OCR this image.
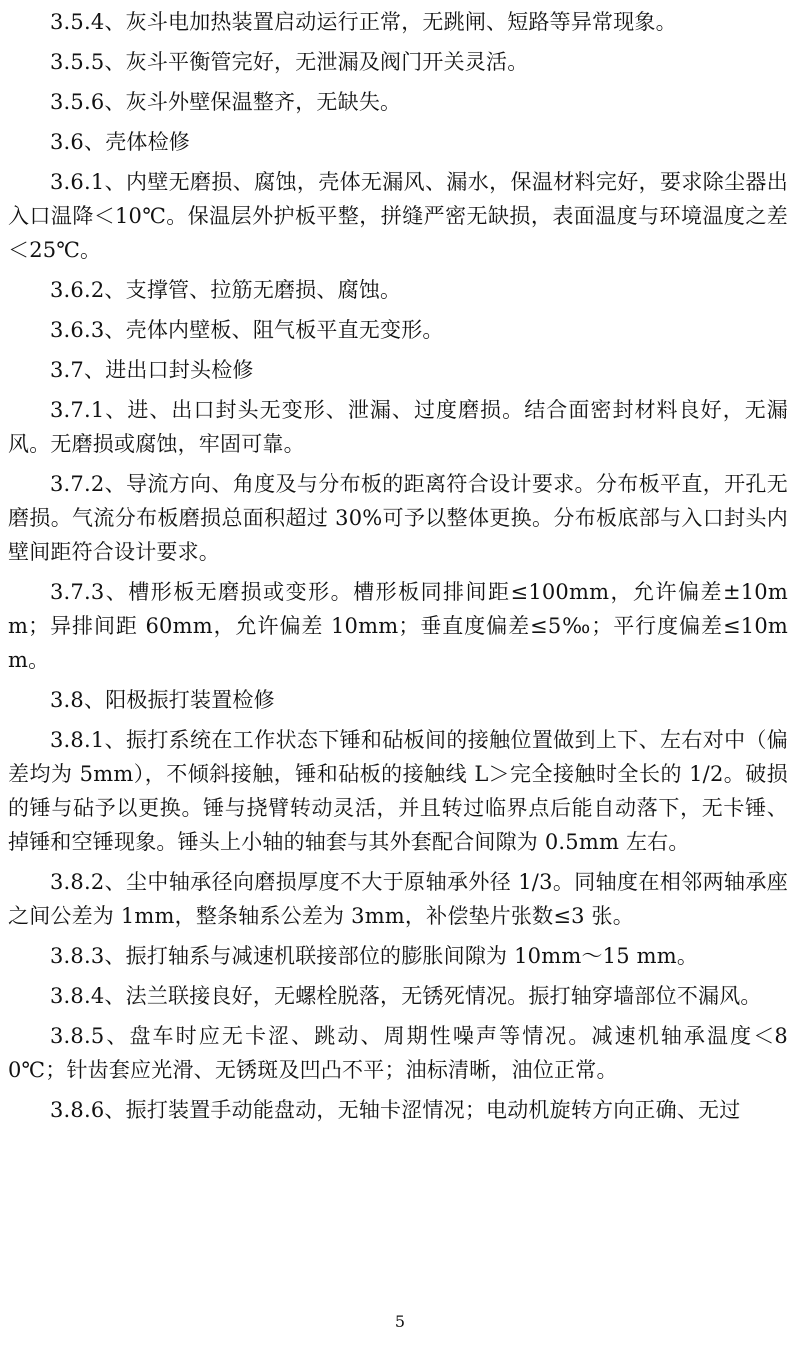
3.5.4、灰斗电加热装置启动运行正常，无跳闸、短路等异常现象。

3.5.5、灰斗平衡管完好，无泄漏及阀门开关灵活。

3.5.6、灰斗外壁保温整齐，无缺失。

3.6、壳体检修

3.6.1、内壁无磨损、腐蚀，壳体无漏风、漏水，保温材料完好，要求除尘器出入口温降＜10℃。保温层外护板平整，拼缝严密无缺损，表面温度与环境温度之差＜25℃。

3.6.2、支撑管、拉筋无磨损、腐蚀。

3.6.3、壳体内壁板、阻气板平直无变形。

3.7、进出口封头检修

3.7.1、进、出口封头无变形、泄漏、过度磨损。结合面密封材料良好，无漏风。无磨损或腐蚀，牢固可靠。

3.7.2、导流方向、角度及与分布板的距离符合设计要求。分布板平直，开孔无磨损。气流分布板磨损总面积超过 30%可予以整体更换。分布板底部与入口封头内壁间距符合设计要求。

3.7.3、槽形板无磨损或变形。槽形板同排间距≤100mm，允许偏差±10mm；异排间距 60mm，允许偏差 10mm；垂直度偏差≤5‰；平行度偏差≤10mm。

3.8、阳极振打装置检修

3.8.1、振打系统在工作状态下锤和砧板间的接触位置做到上下、左右对中（偏差均为 5mm），不倾斜接触，锤和砧板的接触线 L＞完全接触时全长的 1/2。破损的锤与砧予以更换。锤与挠臂转动灵活，并且转过临界点后能自动落下，无卡锤、掉锤和空锤现象。锤头上小轴的轴套与其外套配合间隙为 0.5mm 左右。

3.8.2、尘中轴承径向磨损厚度不大于原轴承外径 1/3。同轴度在相邻两轴承座之间公差为 1mm，整条轴系公差为 3mm，补偿垫片张数≤3 张。

3.8.3、振打轴系与减速机联接部位的膨胀间隙为 10mm～15 mm。

3.8.4、法兰联接良好，无螺栓脱落，无锈死情况。振打轴穿墙部位不漏风。

3.8.5、盘车时应无卡涩、跳动、周期性噪声等情况。减速机轴承温度＜80℃；针齿套应光滑、无锈斑及凹凸不平；油标清晰，油位正常。

3.8.6、振打装置手动能盘动，无轴卡涩情况；电动机旋转方向正确、无过

5
